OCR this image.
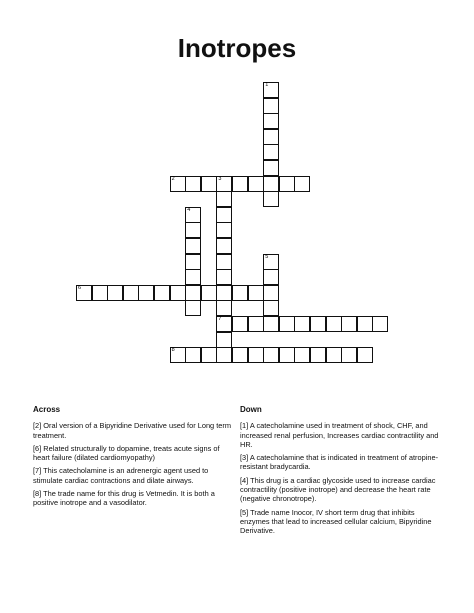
Inotropes
1
2	3
7
4
5
6
8
Across
[2] Oral version of a Bipyridine Derivative used for Long term treatment.
[6] Related structurally to dopamine, treats acute signs of heart failure (dilated cardiomyopathy)
[7] This catecholamine is an adrenergic agent used to stimulate cardiac contractions and dilate airways.
[8] The trade name for this drug is Vetmedin. It is both a positive inotrope and a vasodilator.
Down
[1] A catecholamine used in treatment of shock, CHF, and increased renal perfusion, Increases cardiac contractility and HR.
[3] A catecholamine that is indicated in treatment of atropine-resistant bradycardia.
[4] This drug is a cardiac glycoside used to increase cardiac contractility (positive inotrope) and decrease the heart rate (negative chronotrope).
[5] Trade name Inocor, IV short term drug that inhibits enzymes that lead to increased cellular calcium, Bipyridine Derivative.
